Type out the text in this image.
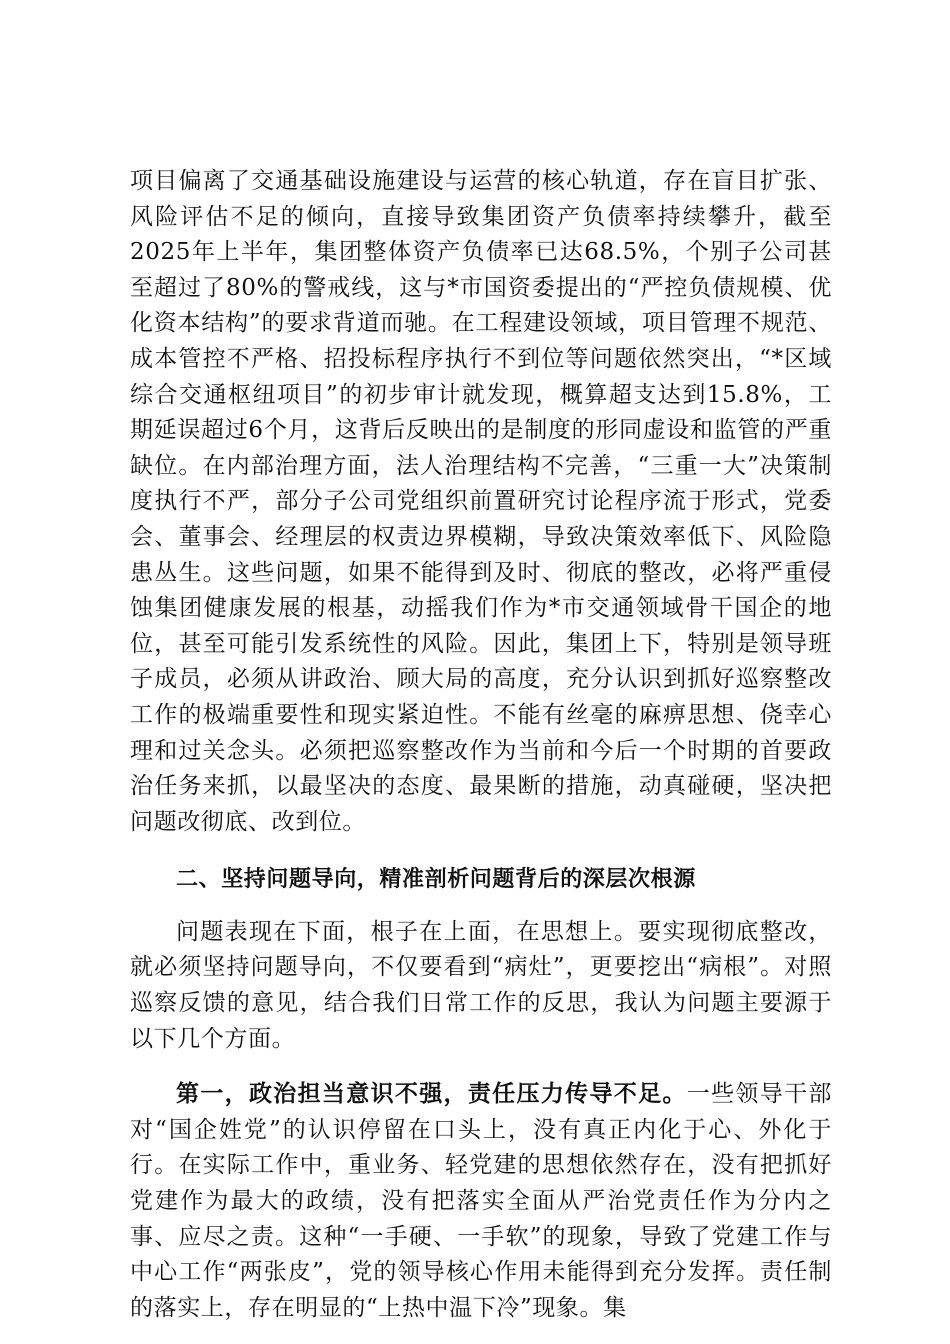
项目偏离了交通基础设施建设与运营的核心轨道，存在盲目扩张、风险评估不足的倾向，直接导致集团资产负债率持续攀升，截至2025年上半年，集团整体资产负债率已达68.5%，个别子公司甚至超过了80%的警戒线，这与*市国资委提出的“严控负债规模、优化资本结构”的要求背道而驰。在工程建设领域，项目管理不规范、成本管控不严格、招投标程序执行不到位等问题依然突出，“*区域综合交通枢纽项目”的初步审计就发现，概算超支达到15.8%，工期延误超过6个月，这背后反映出的是制度的形同虚设和监管的严重缺位。在内部治理方面，法人治理结构不完善，“三重一大”决策制度执行不严，部分子公司党组织前置研究讨论程序流于形式，党委会、董事会、经理层的权责边界模糊，导致决策效率低下、风险隐患丛生。这些问题，如果不能得到及时、彻底的整改，必将严重侵蚀集团健康发展的根基，动摇我们作为*市交通领域骨干国企的地位，甚至可能引发系统性的风险。因此，集团上下，特别是领导班子成员，必须从讲政治、顾大局的高度，充分认识到抓好巡察整改工作的极端重要性和现实紧迫性。不能有丝毫的麻痹思想、侥幸心理和过关念头。必须把巡察整改作为当前和今后一个时期的首要政治任务来抓，以最坚决的态度、最果断的措施，动真碰硬，坚决把问题改彻底、改到位。

二、坚持问题导向，精准剖析问题背后的深层次根源

问题表现在下面，根子在上面，在思想上。要实现彻底整改，就必须坚持问题导向，不仅要看到“病灶”，更要挖出“病根”。对照巡察反馈的意见，结合我们日常工作的反思，我认为问题主要源于以下几个方面。

第一，政治担当意识不强，责任压力传导不足。一些领导干部对“国企姓党”的认识停留在口头上，没有真正内化于心、外化于行。在实际工作中，重业务、轻党建的思想依然存在，没有把抓好党建作为最大的政绩，没有把落实全面从严治党责任作为分内之事、应尽之责。这种“一手硬、一手软”的现象，导致了党建工作与中心工作“两张皮”，党的领导核心作用未能得到充分发挥。责任制的落实上，存在明显的“上热中温下冷”现象。集
